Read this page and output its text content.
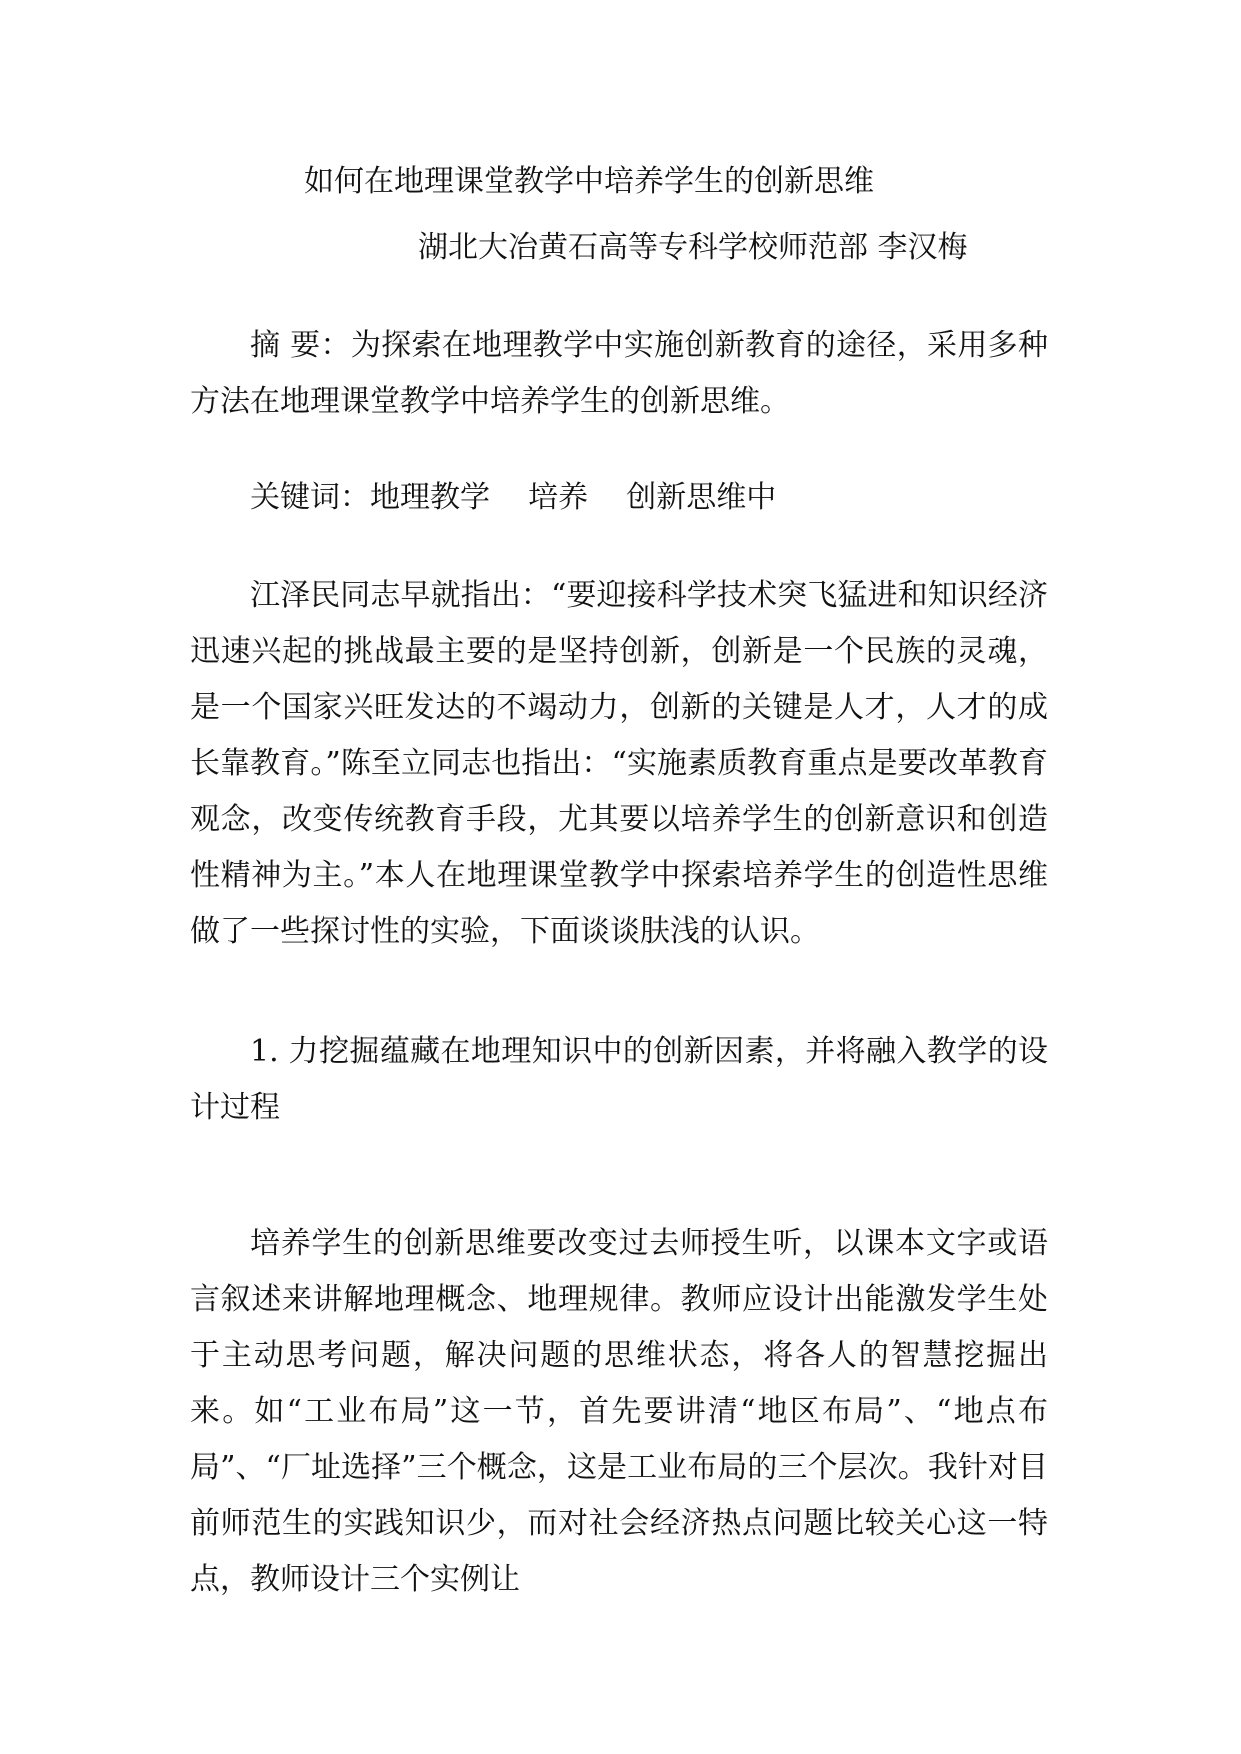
如何在地理课堂教学中培养学生的创新思维
湖北大冶黄石高等专科学校师范部 李汉梅

摘 要：为探索在地理教学中实施创新教育的途径，采用多种方法在地理课堂教学中培养学生的创新思维。

关键词：地理教学    培养    创新思维中

江泽民同志早就指出：“要迎接科学技术突飞猛进和知识经济迅速兴起的挑战最主要的是坚持创新，创新是一个民族的灵魂，是一个国家兴旺发达的不竭动力，创新的关键是人才，人才的成长靠教育。”陈至立同志也指出：“实施素质教育重点是要改革教育观念，改变传统教育手段，尤其要以培养学生的创新意识和创造性精神为主。”本人在地理课堂教学中探索培养学生的创造性思维做了一些探讨性的实验，下面谈谈肤浅的认识。

1. 力挖掘蕴藏在地理知识中的创新因素，并将融入教学的设计过程

培养学生的创新思维要改变过去师授生听，以课本文字或语言叙述来讲解地理概念、地理规律。教师应设计出能激发学生处于主动思考问题，解决问题的思维状态，将各人的智慧挖掘出来。如“工业布局”这一节，首先要讲清“地区布局”、“地点布局”、“厂址选择”三个概念，这是工业布局的三个层次。我针对目前师范生的实践知识少，而对社会经济热点问题比较关心这一特点，教师设计三个实例让
